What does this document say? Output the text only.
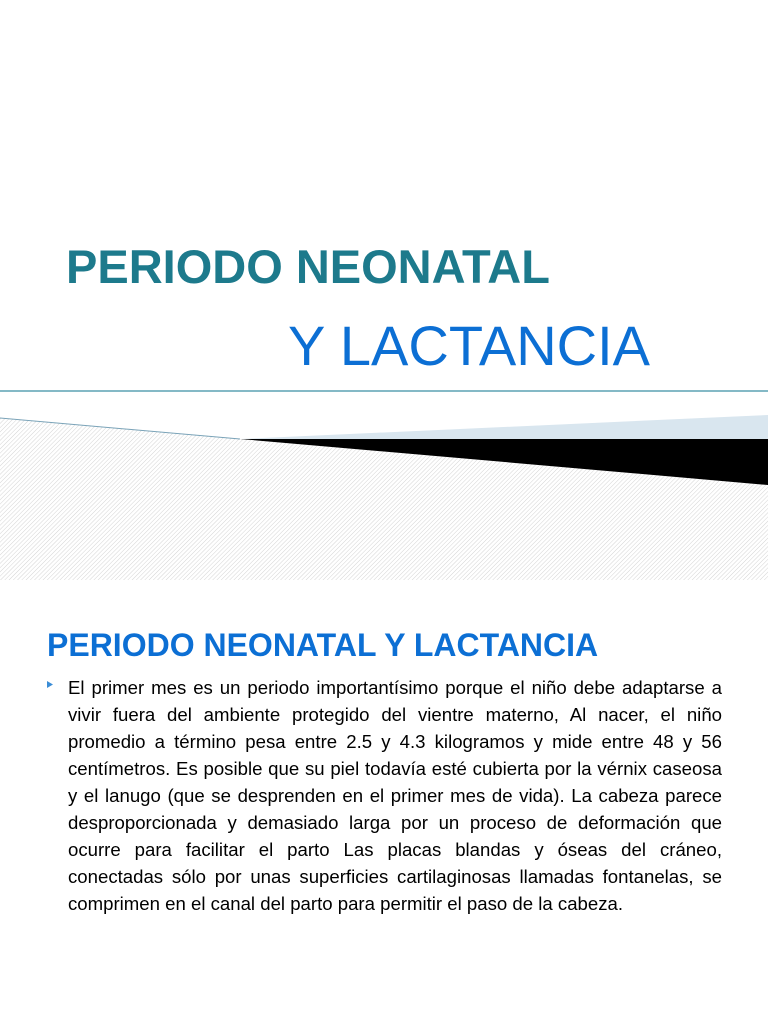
PERIODO NEONATAL
Y LACTANCIA
PERIODO NEONATAL Y LACTANCIA
El primer mes es un periodo importantísimo porque el niño debe adaptarse a vivir fuera del ambiente protegido del vientre materno, Al nacer, el niño promedio a término pesa entre 2.5 y 4.3 kilogramos y mide entre 48 y 56 centímetros. Es posible que su piel todavía esté cubierta por la vérnix caseosa y el lanugo (que se desprenden en el primer mes de vida). La cabeza parece desproporcionada y demasiado larga por un proceso de deformación que ocurre para facilitar el parto Las placas blandas y óseas del cráneo, conectadas sólo por unas superficies cartilaginosas llamadas fontanelas, se comprimen en el canal del parto para permitir el paso de la cabeza.
